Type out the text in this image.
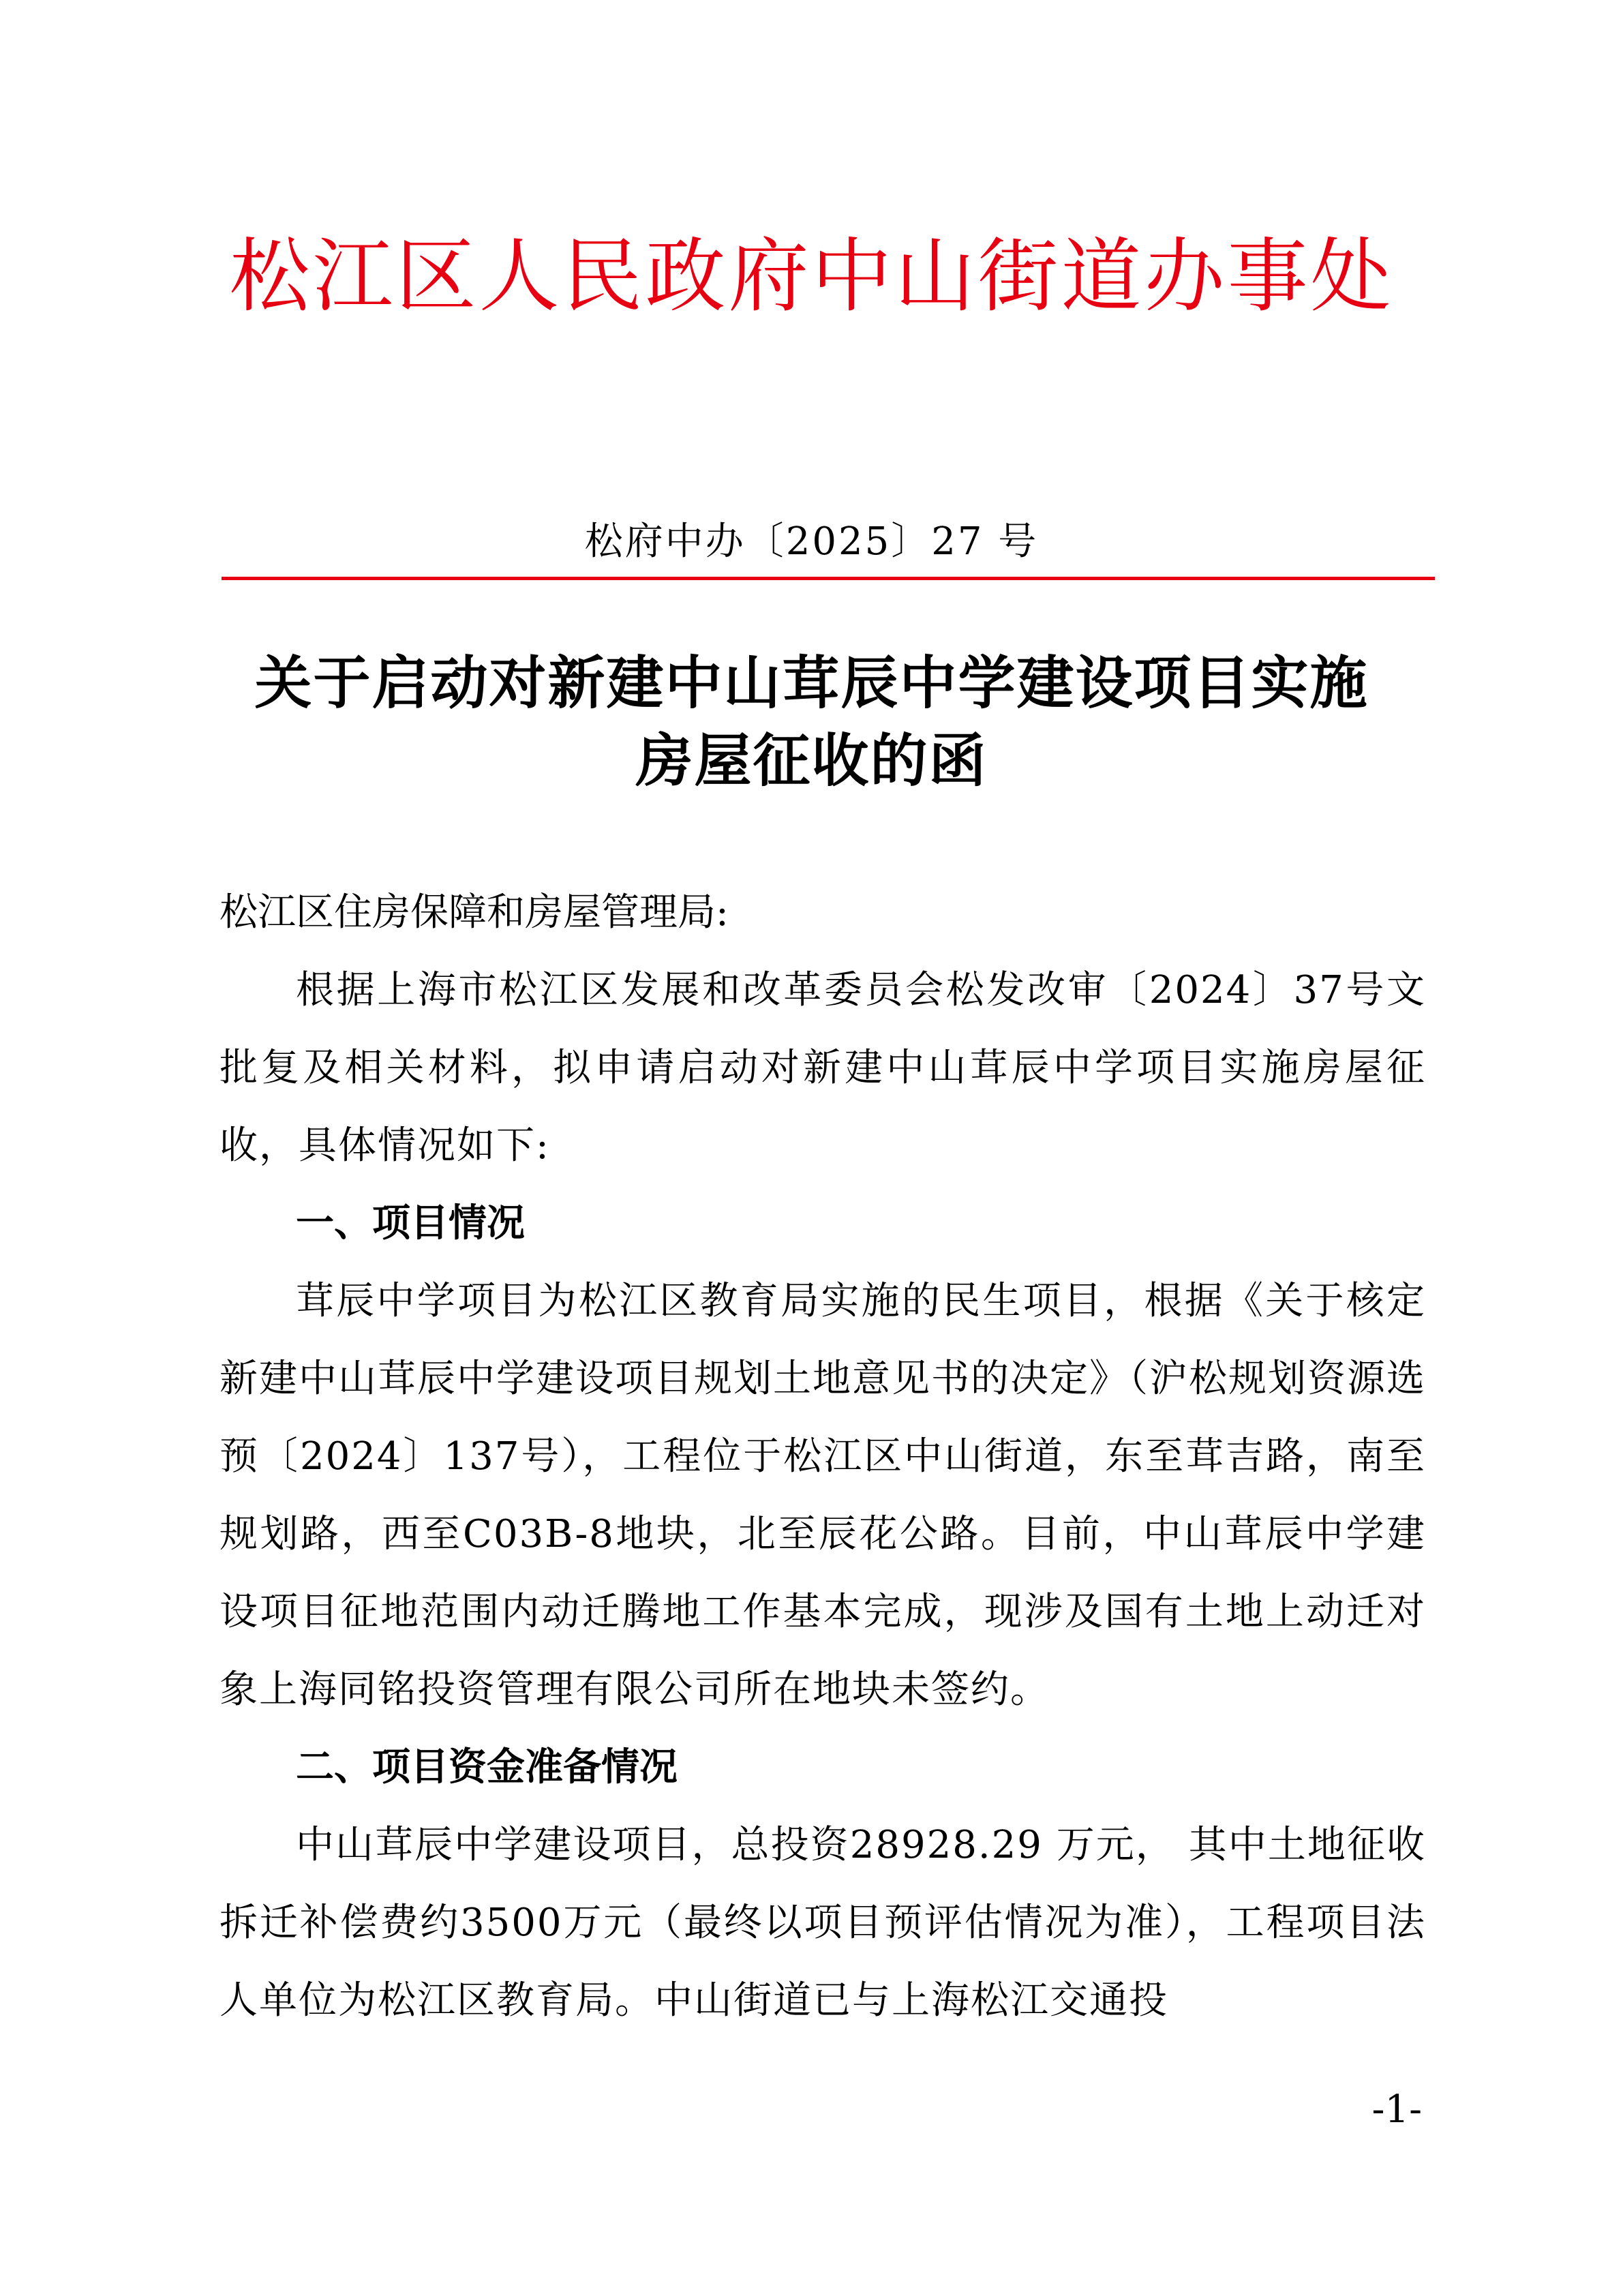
松江区人民政府中山街道办事处
松府中办〔2025〕27 号
关于启动对新建中山茸辰中学建设项目实施
房屋征收的函

松江区住房保障和房屋管理局:

根据上海市松江区发展和改革委员会松发改审〔2024〕37号文批复及相关材料，拟申请启动对新建中山茸辰中学项目实施房屋征收，具体情况如下:

一、项目情况

茸辰中学项目为松江区教育局实施的民生项目，根据《关于核定新建中山茸辰中学建设项目规划土地意见书的决定》（沪松规划资源选预〔2024〕137号），工程位于松江区中山街道，东至茸吉路，南至规划路，西至C03B-8地块，北至辰花公路。目前，中山茸辰中学建设项目征地范围内动迁腾地工作基本完成，现涉及国有土地上动迁对象上海同铭投资管理有限公司所在地块未签约。

二、项目资金准备情况

中山茸辰中学建设项目，总投资28928.29 万元， 其中土地征收拆迁补偿费约3500万元（最终以项目预评估情况为准），工程项目法人单位为松江区教育局。中山街道已与上海松江交通投

-1-
